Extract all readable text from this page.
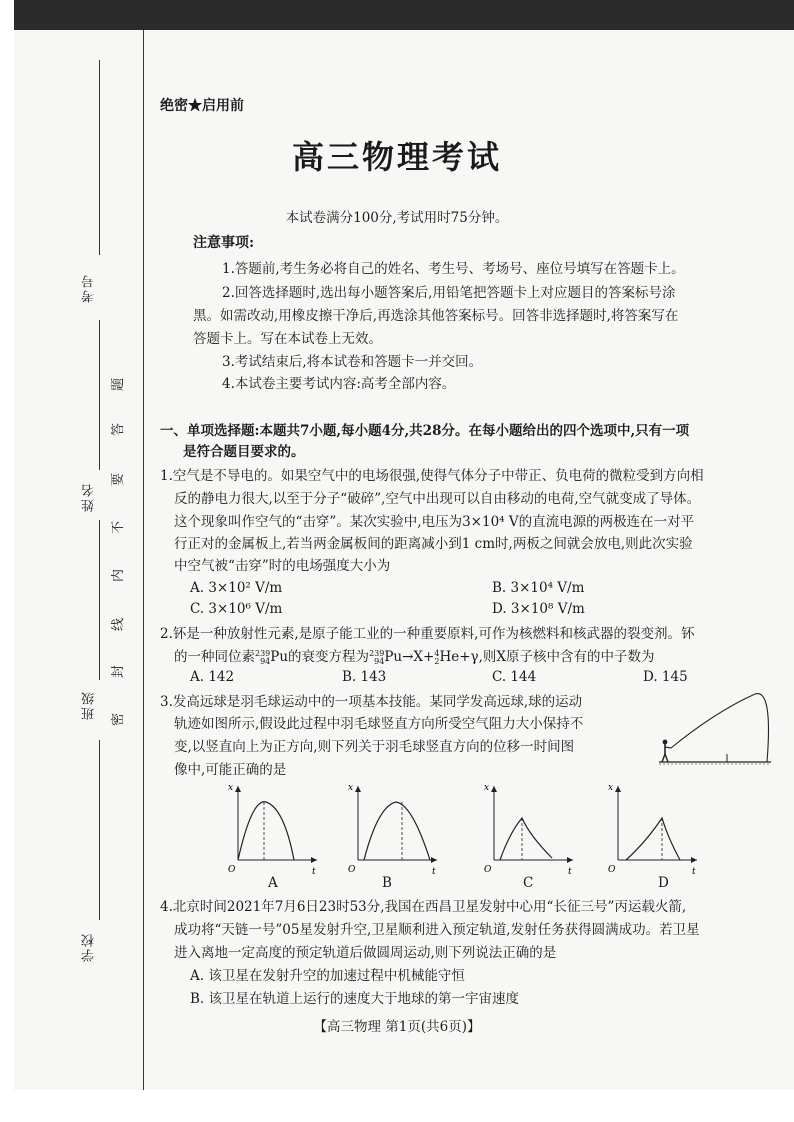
考号
姓名
班级
学校
题
答
要
不
内
线
封
密
绝密★启用前
高三物理考试
本试卷满分100分,考试用时75分钟。
注意事项:
1.答题前,考生务必将自己的姓名、考生号、考场号、座位号填写在答题卡上。
2.回答选择题时,选出每小题答案后,用铅笔把答题卡上对应题目的答案标号涂
黑。如需改动,用橡皮擦干净后,再选涂其他答案标号。回答非选择题时,将答案写在
答题卡上。写在本试卷上无效。
3.考试结束后,将本试卷和答题卡一并交回。
4.本试卷主要考试内容:高考全部内容。
一、单项选择题:本题共7小题,每小题4分,共28分。在每小题给出的四个选项中,只有一项
是符合题目要求的。
1.空气是不导电的。如果空气中的电场很强,使得气体分子中带正、负电荷的微粒受到方向相
反的静电力很大,以至于分子“破碎”,空气中出现可以自由移动的电荷,空气就变成了导体。
这个现象叫作空气的“击穿”。某次实验中,电压为3×10⁴ V的直流电源的两极连在一对平
行正对的金属板上,若当两金属板间的距离减小到1 cm时,两板之间就会放电,则此次实验
中空气被“击穿”时的电场强度大小为
A. 3×10² V/m	B. 3×10⁴ V/m
C. 3×10⁶ V/m	D. 3×10⁸ V/m
2.钚是一种放射性元素,是原子能工业的一种重要原料,可作为核燃料和核武器的裂变剂。钚
的一种同位素239
94Pu的衰变方程为239
94Pu→X+4
2He+γ,则X原子核中含有的中子数为
A. 142	B. 143	C. 144	D. 145
3.发高远球是羽毛球运动中的一项基本技能。某同学发高远球,球的运动
轨迹如图所示,假设此过程中羽毛球竖直方向所受空气阻力大小保持不
变,以竖直向上为正方向,则下列关于羽毛球竖直方向的位移一时间图
像中,可能正确的是
x
t
O
A
x
t
O
B
x
t
O
C
x
t
O
D
4.北京时间2021年7月6日23时53分,我国在西昌卫星发射中心用“长征三号”丙运载火箭,
成功将“天链一号”05星发射升空,卫星顺利进入预定轨道,发射任务获得圆满成功。若卫星
进入离地一定高度的预定轨道后做圆周运动,则下列说法正确的是
A. 该卫星在发射升空的加速过程中机械能守恒
B. 该卫星在轨道上运行的速度大于地球的第一宇宙速度
【高三物理 第1页(共6页)】
